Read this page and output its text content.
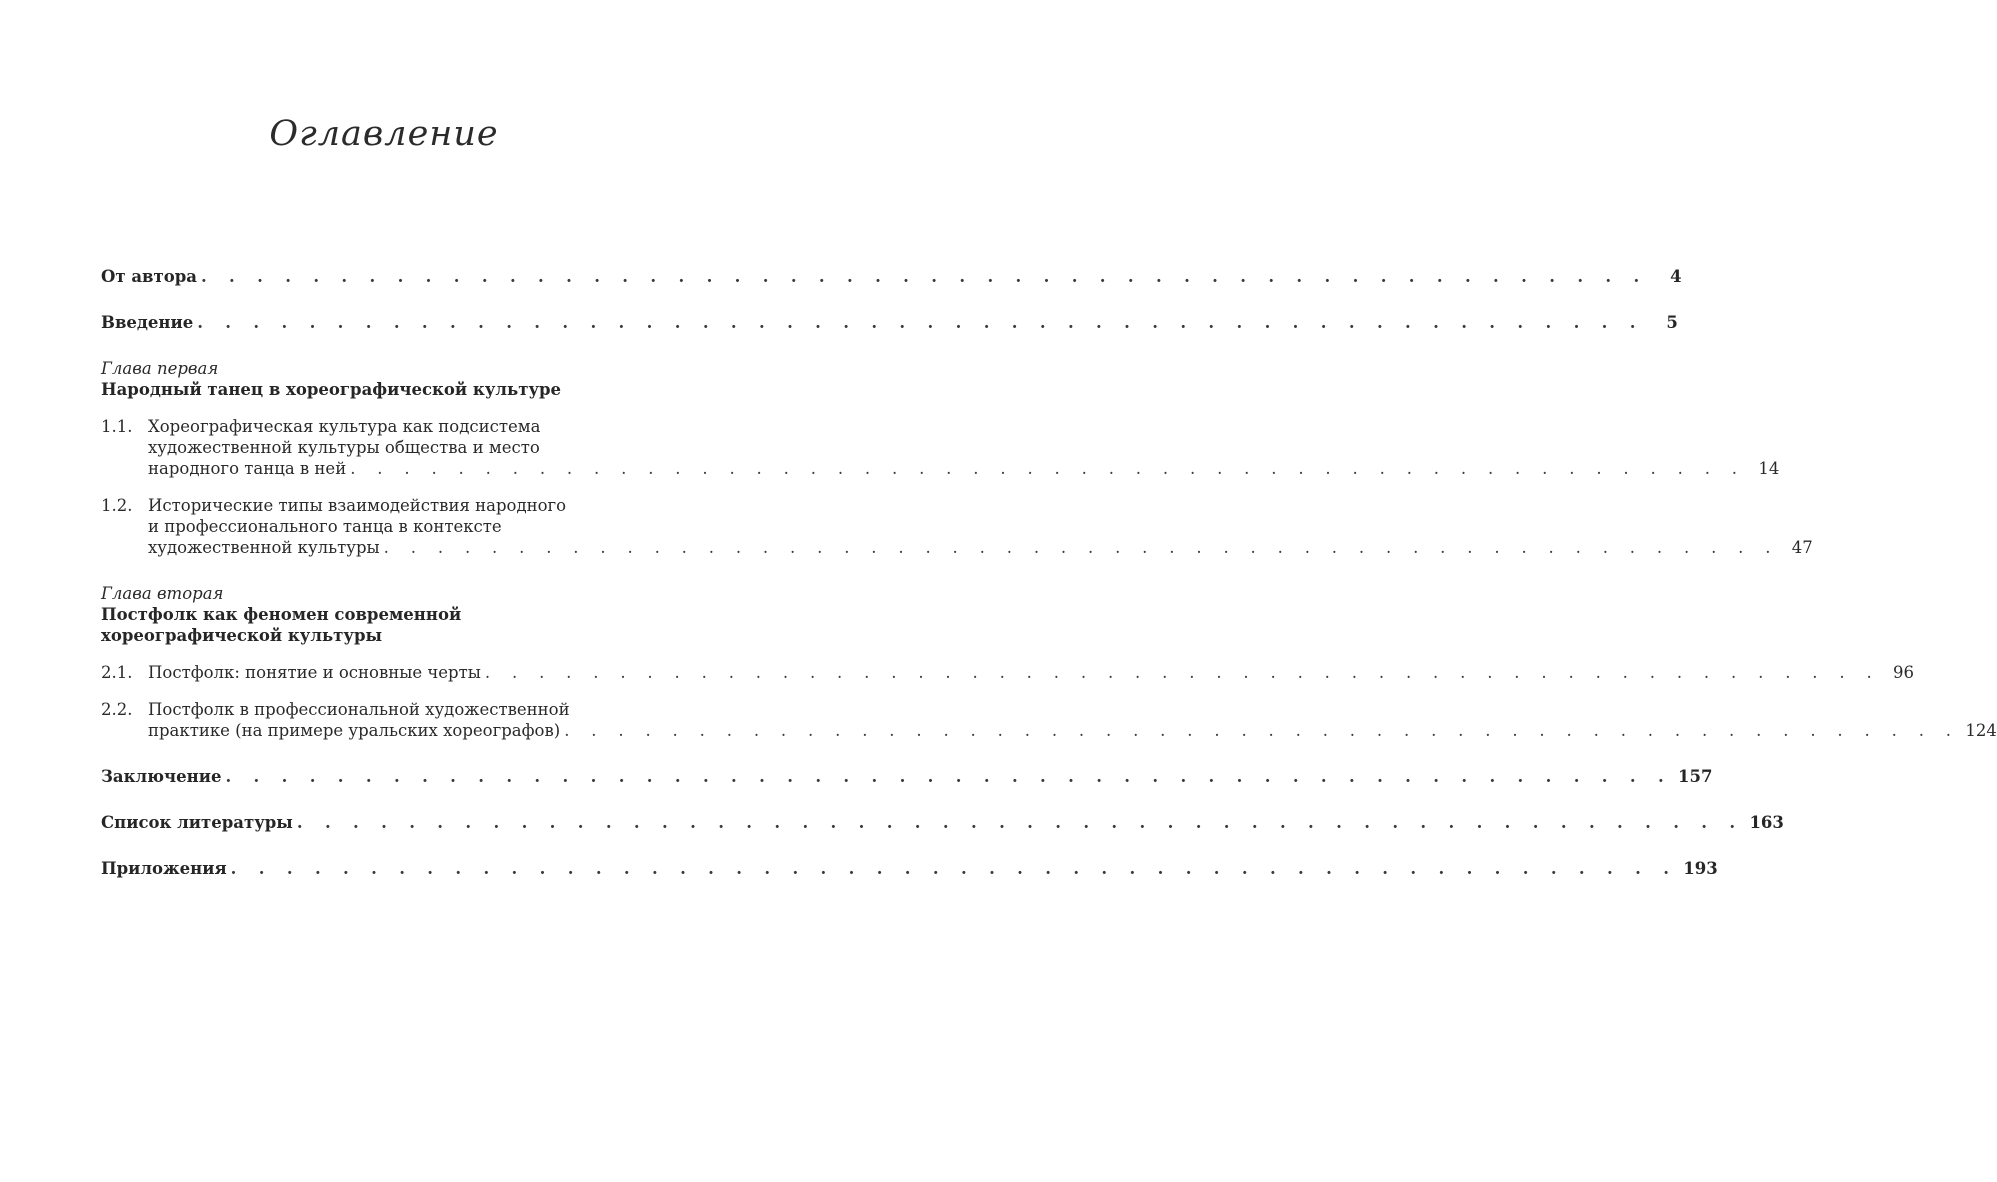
Оглавление
От автора . . . . . . . . . . . . . . . . . . . . . . . . . . . . . . . . . . . . . . . . . . . . . . . . . . . .	4
Введение . . . . . . . . . . . . . . . . . . . . . . . . . . . . . . . . . . . . . . . . . . . . . . . . . . . .	5
Глава первая
Народный танец в хореографической культуре
1.1. Хореографическая культура как подсистема
художественной культуры общества и место
народного танца в ней . . . . . . . . . . . . . . . . . . . . . . . . . . . . . . . . . . . . . . . . . . . . . . . . . . . . 14
1.2. Исторические типы взаимодействия народного
и профессионального танца в контексте
художественной культуры . . . . . . . . . . . . . . . . . . . . . . . . . . . . . . . . . . . . . . . . . . . . . . . . . . . . 47
Глава вторая
Постфолк как феномен современной
хореографической культуры
2.1. Постфолк: понятие и основные черты . . . . . . . . . . . . . . . . . . . . . . . . . . . . . . . . . . . . . . . . . . . . . . . . . . . . 96
2.2. Постфолк в профессиональной художественной
практике (на примере уральских хореографов) . . . . . . . . . . . . . . . . . . . . . . . . . . . . . . . . . . . . . . . . . . . . . . . . . . . . 124
Заключение . . . . . . . . . . . . . . . . . . . . . . . . . . . . . . . . . . . . . . . . . . . . . . . . . . . . 157
Список литературы . . . . . . . . . . . . . . . . . . . . . . . . . . . . . . . . . . . . . . . . . . . . . . . . . . . . 163
Приложения . . . . . . . . . . . . . . . . . . . . . . . . . . . . . . . . . . . . . . . . . . . . . . . . . . . . 193
